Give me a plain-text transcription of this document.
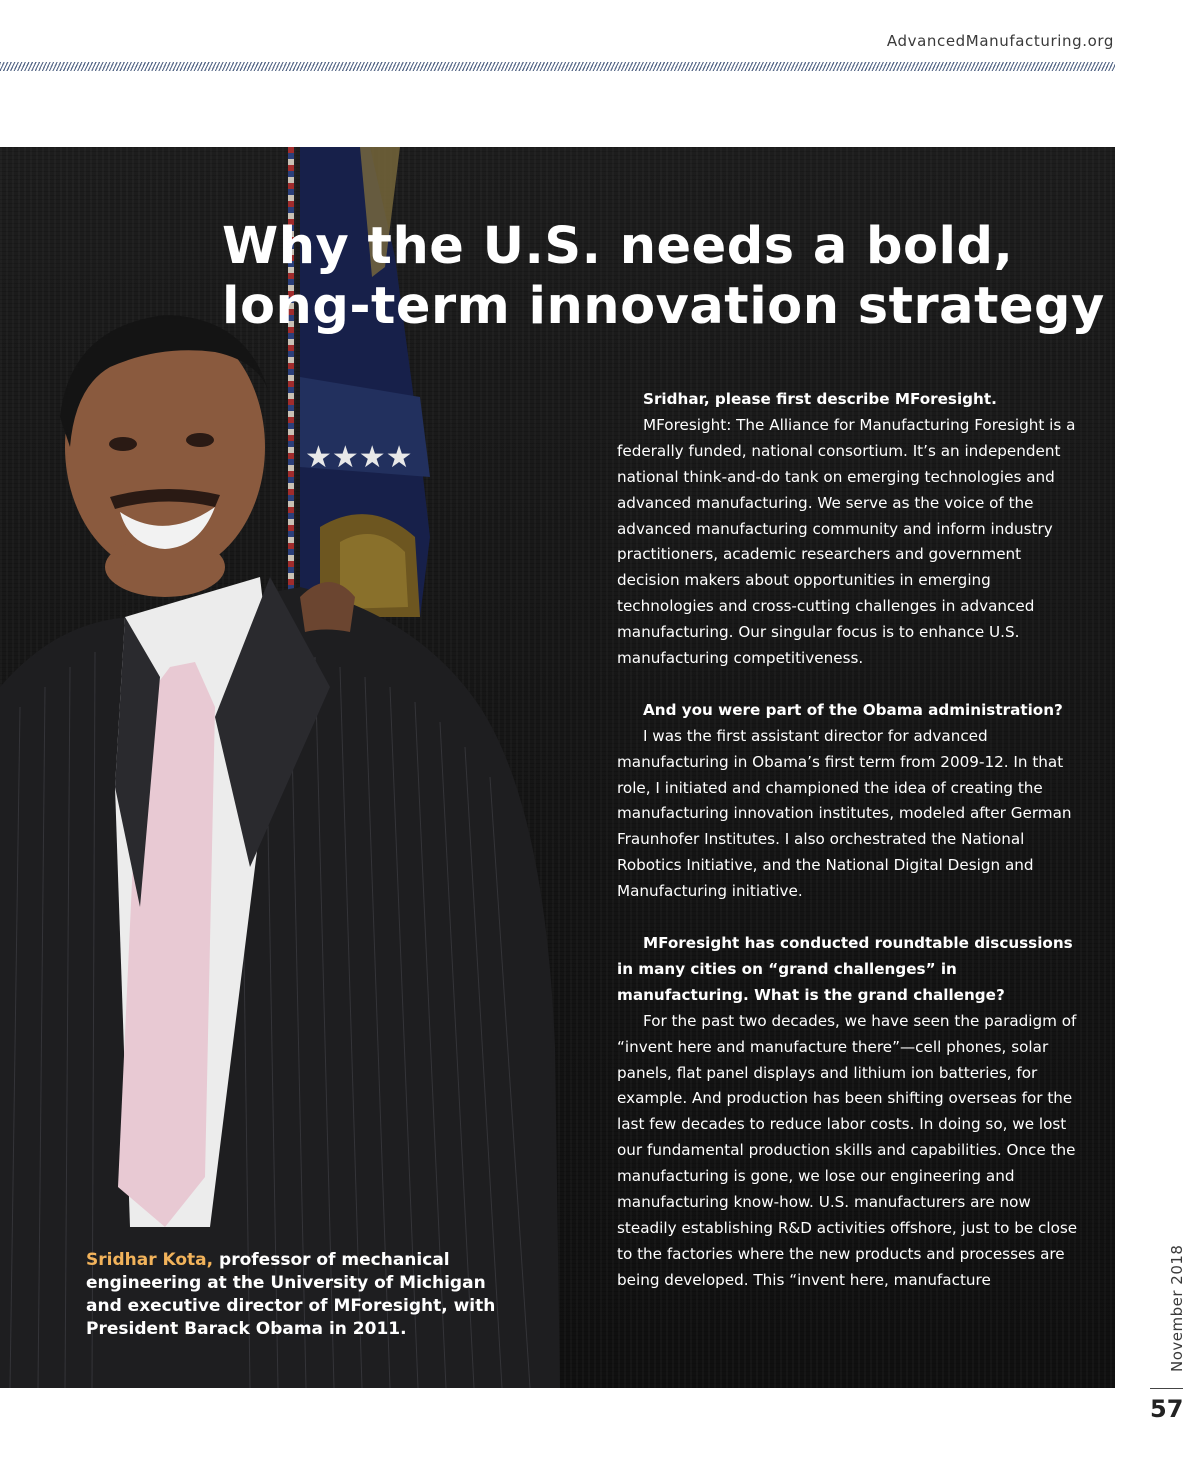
AdvancedManufacturing.org
★★★★
Why the U.S. needs a bold,
long-term innovation strategy

Sridhar, please first describe MForesight.

MForesight: The Alliance for Manufacturing Foresight is a federally funded, national consortium. It’s an independent national think-and-do tank on emerging technologies and advanced manufacturing. We serve as the voice of the advanced manufacturing community and inform industry practitioners, academic researchers and government decision makers about opportunities in emerging technologies and cross-cutting challenges in advanced manufacturing. Our singular focus is to enhance U.S. manufacturing competitiveness.

And you were part of the Obama administration?

I was the first assistant director for advanced manufacturing in Obama’s first term from 2009-12. In that role, I initiated and championed the idea of creating the manufacturing innovation institutes, modeled after German Fraunhofer Institutes. I also orchestrated the National Robotics Initiative, and the National Digital Design and Manufacturing initiative.

MForesight has conducted roundtable discussions in many cities on “grand challenges” in manufacturing. What is the grand challenge?

For the past two decades, we have seen the paradigm of “invent here and manufacture there”—cell phones, solar panels, flat panel displays and lithium ion batteries, for example. And production has been shifting overseas for the last few decades to reduce labor costs. In doing so, we lost our fundamental production skills and capabilities. Once the manufacturing is gone, we lose our engineering and manufacturing know-how. U.S. manufacturers are now steadily establishing R&D activities offshore, just to be close to the factories where the new products and processes are being developed. This “invent here, manufacture

Sridhar Kota, professor of mechanical engineering at the University of Michigan and executive director of MForesight, with President Barack Obama in 2011.	November 2018
57
